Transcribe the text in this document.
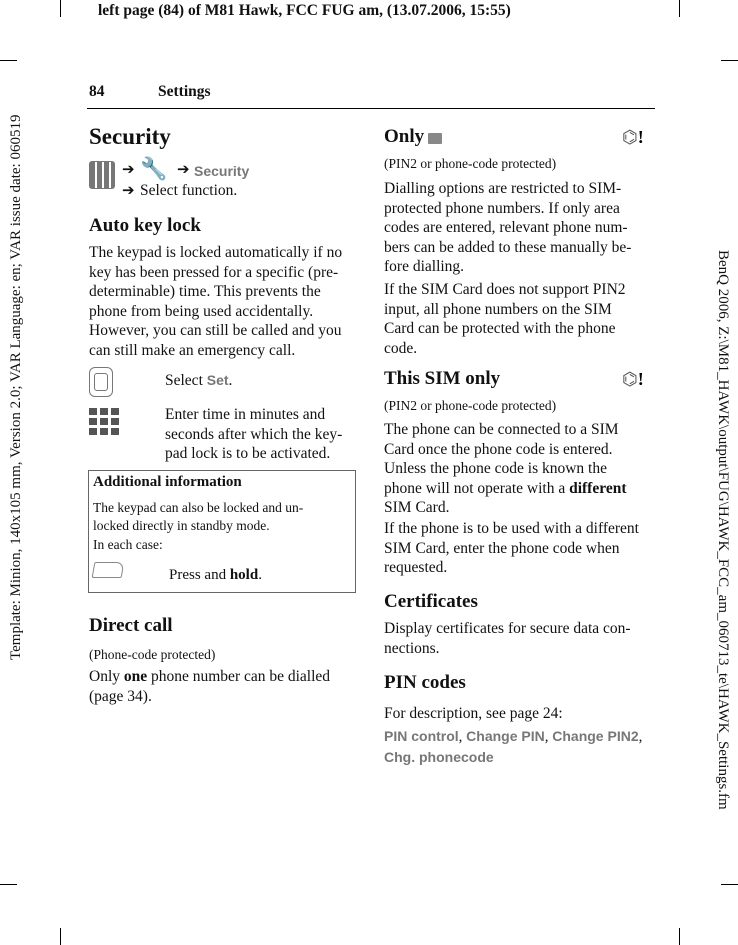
left page (84) of M81 Hawk, FCC FUG am, (13.07.2006, 15:55)
Template: Minion, 140x105 mm, Version 2.0; VAR Language: en; VAR issue date: 060519	BenQ 2006, Z:\M81_HAWK\output\FUG\HAWK_FCC_am_060713_te\HAWK_Settings.fm
84	Settings
Security
➔ 🔧 ➔ Security
➔ Select function.
Auto key lock
The keypad is locked automatically if no
key has been pressed for a specific (pre-
determinable) time. This prevents the
phone from being used accidentally.
However, you can still be called and you
can still make an emergency call.
Select Set.
Enter time in minutes and
seconds after which the key-
pad lock is to be activated.
Additional information
The keypad can also be locked and un-
locked directly in standby mode.
In each case:
Press and hold.
Direct call
(Phone-code protected)
Only one phone number can be dialled
(page 34).
Only	⌬!
(PIN2 or phone-code protected)
Dialling options are restricted to SIM-
protected phone numbers. If only area
codes are entered, relevant phone num-
bers can be added to these manually be-
fore dialling.
If the SIM Card does not support PIN2
input, all phone numbers on the SIM
Card can be protected with the phone
code.
This SIM only	⌬!
(PIN2 or phone-code protected)
The phone can be connected to a SIM
Card once the phone code is entered.
Unless the phone code is known the
phone will not operate with a different
SIM Card.
If the phone is to be used with a different
SIM Card, enter the phone code when
requested.
Certificates
Display certificates for secure data con-
nections.
PIN codes
For description, see page 24:
PIN control, Change PIN, Change PIN2,
Chg. phonecode
